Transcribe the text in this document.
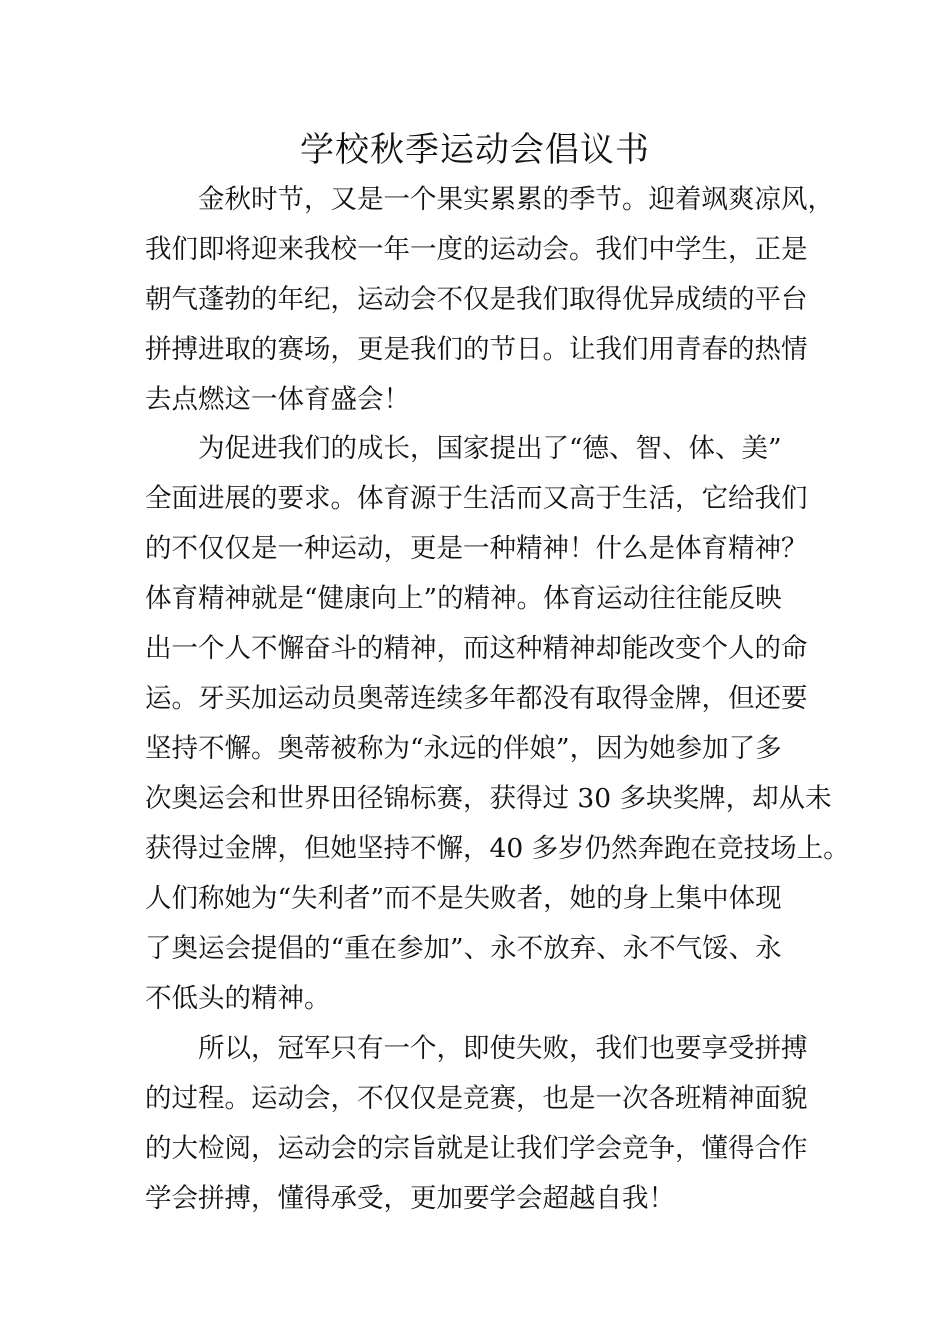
学校秋季运动会倡议书

金秋时节，又是一个果实累累的季节。迎着飒爽凉风，

我们即将迎来我校一年一度的运动会。我们中学生，正是

朝气蓬勃的年纪，运动会不仅是我们取得优异成绩的平台

拼搏进取的赛场，更是我们的节日。让我们用青春的热情

去点燃这一体育盛会！

为促进我们的成长，国家提出了“德、智、体、美”

全面进展的要求。体育源于生活而又高于生活，它给我们

的不仅仅是一种运动，更是一种精神！什么是体育精神？

体育精神就是“健康向上”的精神。体育运动往往能反映

出一个人不懈奋斗的精神，而这种精神却能改变个人的命

运。牙买加运动员奥蒂连续多年都没有取得金牌，但还要

坚持不懈。奥蒂被称为“永远的伴娘”，因为她参加了多

次奥运会和世界田径锦标赛，获得过 30 多块奖牌，却从未

获得过金牌，但她坚持不懈，40 多岁仍然奔跑在竞技场上。

人们称她为“失利者”而不是失败者，她的身上集中体现

了奥运会提倡的“重在参加”、永不放弃、永不气馁、永

不低头的精神。

所以，冠军只有一个，即使失败，我们也要享受拼搏

的过程。运动会，不仅仅是竞赛，也是一次各班精神面貌

的大检阅，运动会的宗旨就是让我们学会竞争，懂得合作

学会拼搏，懂得承受，更加要学会超越自我！
